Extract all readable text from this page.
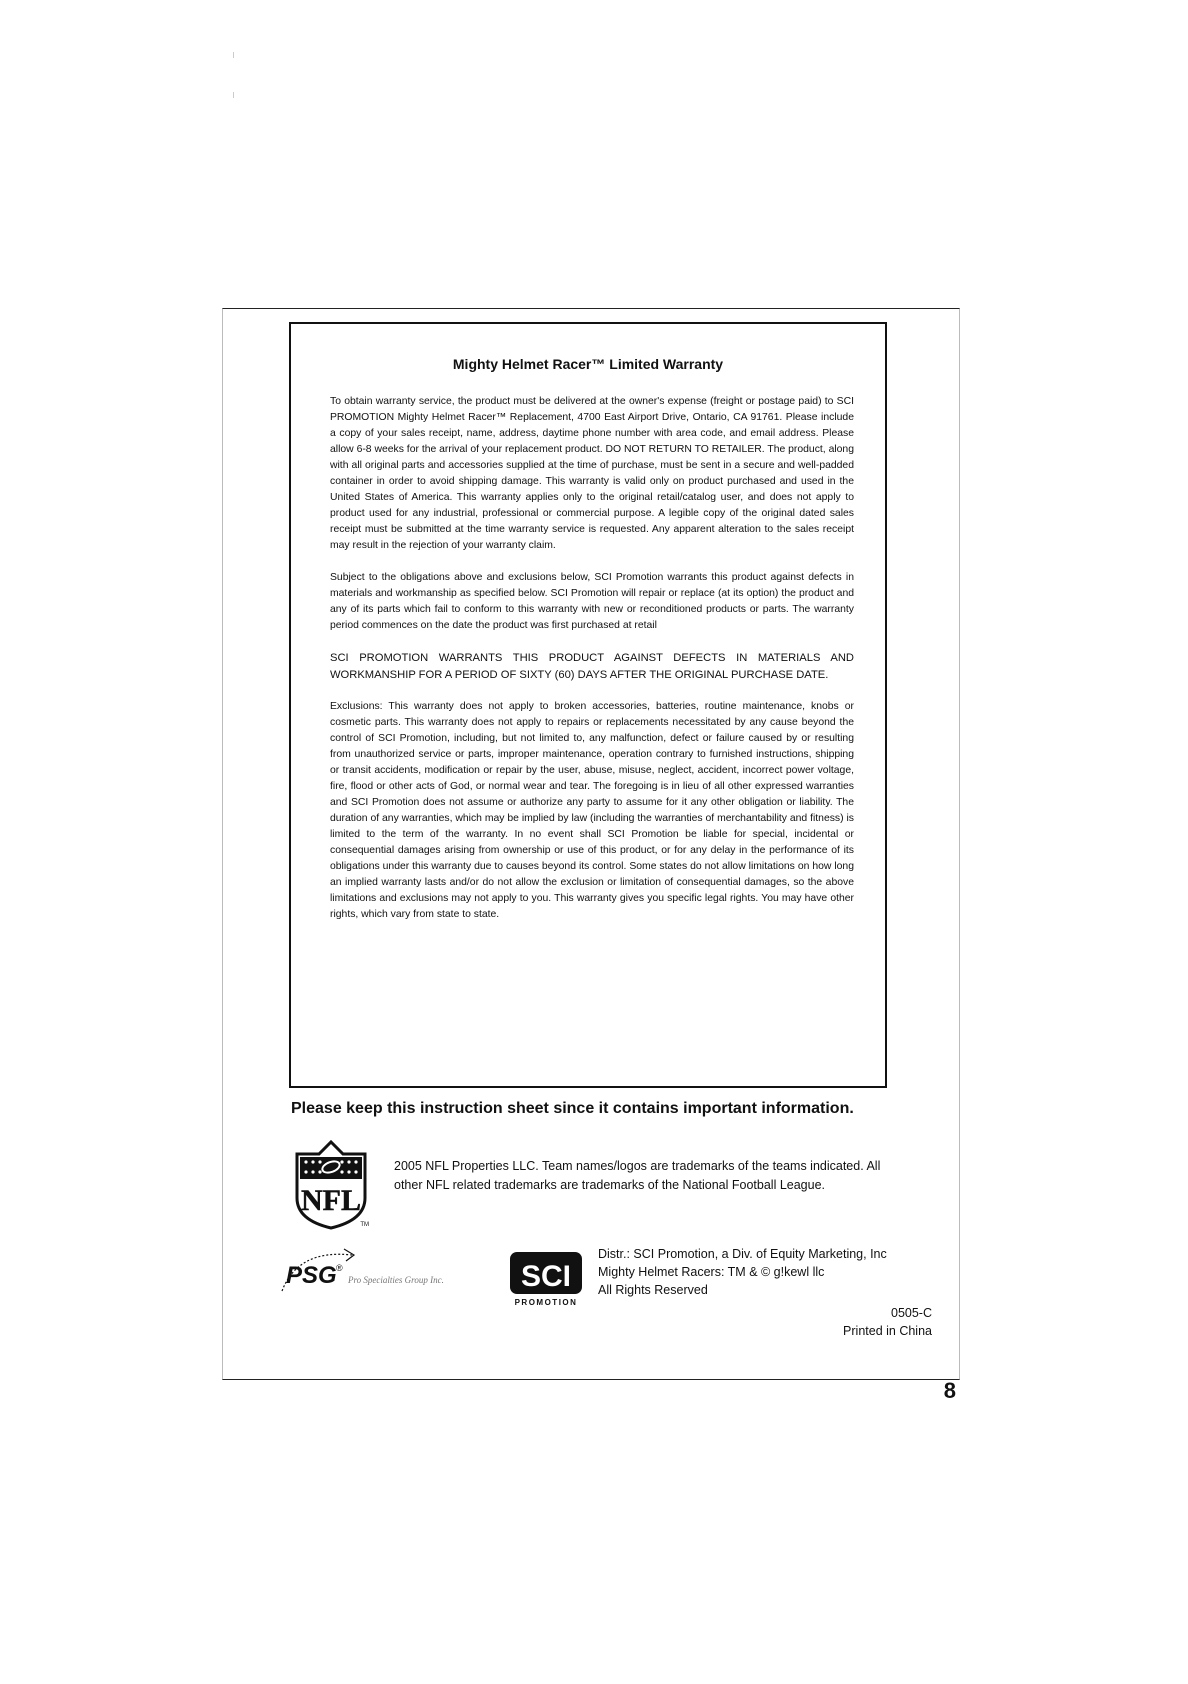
Mighty Helmet Racer™ Limited Warranty

To obtain warranty service, the product must be delivered at the owner's expense (freight or postage paid) to SCI PROMOTION Mighty Helmet Racer™ Replacement, 4700 East Airport Drive, Ontario, CA 91761. Please include a copy of your sales receipt, name, address, daytime phone number with area code, and email address. Please allow 6-8 weeks for the arrival of your replacement product. DO NOT RETURN TO RETAILER. The product, along with all original parts and accessories supplied at the time of purchase, must be sent in a secure and well-padded container in order to avoid shipping damage. This warranty is valid only on product purchased and used in the United States of America. This warranty applies only to the original retail/catalog user, and does not apply to product used for any industrial, professional or commercial purpose. A legible copy of the original dated sales receipt must be submitted at the time warranty service is requested. Any apparent alteration to the sales receipt may result in the rejection of your warranty claim.

Subject to the obligations above and exclusions below, SCI Promotion warrants this product against defects in materials and workmanship as specified below. SCI Promotion will repair or replace (at its option) the product and any of its parts which fail to conform to this warranty with new or reconditioned products or parts. The warranty period commences on the date the product was first purchased at retail

SCI PROMOTION WARRANTS THIS PRODUCT AGAINST DEFECTS IN MATERIALS AND WORKMANSHIP FOR A PERIOD OF SIXTY (60) DAYS AFTER THE ORIGINAL PURCHASE DATE.

Exclusions: This warranty does not apply to broken accessories, batteries, routine maintenance, knobs or cosmetic parts. This warranty does not apply to repairs or replacements necessitated by any cause beyond the control of SCI Promotion, including, but not limited to, any malfunction, defect or failure caused by or resulting from unauthorized service or parts, improper maintenance, operation contrary to furnished instructions, shipping or transit accidents, modification or repair by the user, abuse, misuse, neglect, accident, incorrect power voltage, fire, flood or other acts of God, or normal wear and tear. The foregoing is in lieu of all other expressed warranties and SCI Promotion does not assume or authorize any party to assume for it any other obligation or liability. The duration of any warranties, which may be implied by law (including the warranties of merchantability and fitness) is limited to the term of the warranty. In no event shall SCI Promotion be liable for special, incidental or consequential damages arising from ownership or use of this product, or for any delay in the performance of its obligations under this warranty due to causes beyond its control. Some states do not allow limitations on how long an implied warranty lasts and/or do not allow the exclusion or limitation of consequential damages, so the above limitations and exclusions may not apply to you. This warranty gives you specific legal rights. You may have other rights, which vary from state to state.

Please keep this instruction sheet since it contains important information.
NFL
TM
2005 NFL Properties LLC. Team names/logos are trademarks of the teams indicated. All other NFL related trademarks are trademarks of the National Football League.
PSG ®
Pro Specialties Group Inc.	SCI
PROMOTION
Distr.: SCI Promotion, a Div. of Equity Marketing, Inc
Mighty Helmet Racers: TM & © g!kewl llc
All Rights Reserved
0505-C
Printed in China
8
